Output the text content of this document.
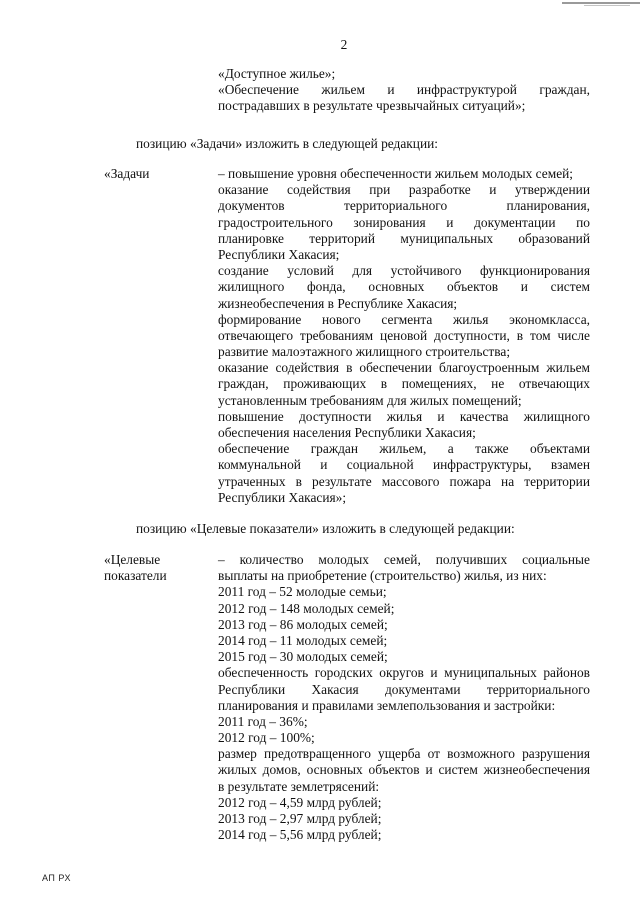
2
«Доступное жилье»;
«Обеспечение жильем и инфраструктурой граждан,
пострадавших в результате чрезвычайных ситуаций»;
позицию «Задачи» изложить в следующей редакции:
«Задачи	– повышение уровня обеспеченности жильем молодых семей;
оказание содействия при разработке и утверждении
документов территориального планирования,
градостроительного зонирования и документации по
планировке территорий муниципальных образований
Республики Хакасия;
создание условий для устойчивого функционирования
жилищного фонда, основных объектов и систем
жизнеобеспечения в Республике Хакасия;
формирование нового сегмента жилья экономкласса,
отвечающего требованиям ценовой доступности, в том числе
развитие малоэтажного жилищного строительства;
оказание содействия в обеспечении благоустроенным жильем
граждан, проживающих в помещениях, не отвечающих
установленным требованиям для жилых помещений;
повышение доступности жилья и качества жилищного
обеспечения населения Республики Хакасия;
обеспечение граждан жильем, а также объектами
коммунальной и социальной инфраструктуры, взамен
утраченных в результате массового пожара на территории
Республики Хакасия»;
позицию «Целевые показатели» изложить в следующей редакции:
«Целевые
показатели
– количество молодых семей, получивших социальные
выплаты на приобретение (строительство) жилья, из них:
2011 год – 52 молодые семьи;
2012 год – 148 молодых семей;
2013 год – 86 молодых семей;
2014 год – 11 молодых семей;
2015 год – 30 молодых семей;
обеспеченность городских округов и муниципальных районов
Республики Хакасия документами территориального
планирования и правилами землепользования и застройки:
2011 год – 36%;
2012 год – 100%;
размер предотвращенного ущерба от возможного разрушения
жилых домов, основных объектов и систем жизнеобеспечения
в результате землетрясений:
2012 год – 4,59 млрд рублей;
2013 год – 2,97 млрд рублей;
2014 год – 5,56 млрд рублей;
АП РХ
